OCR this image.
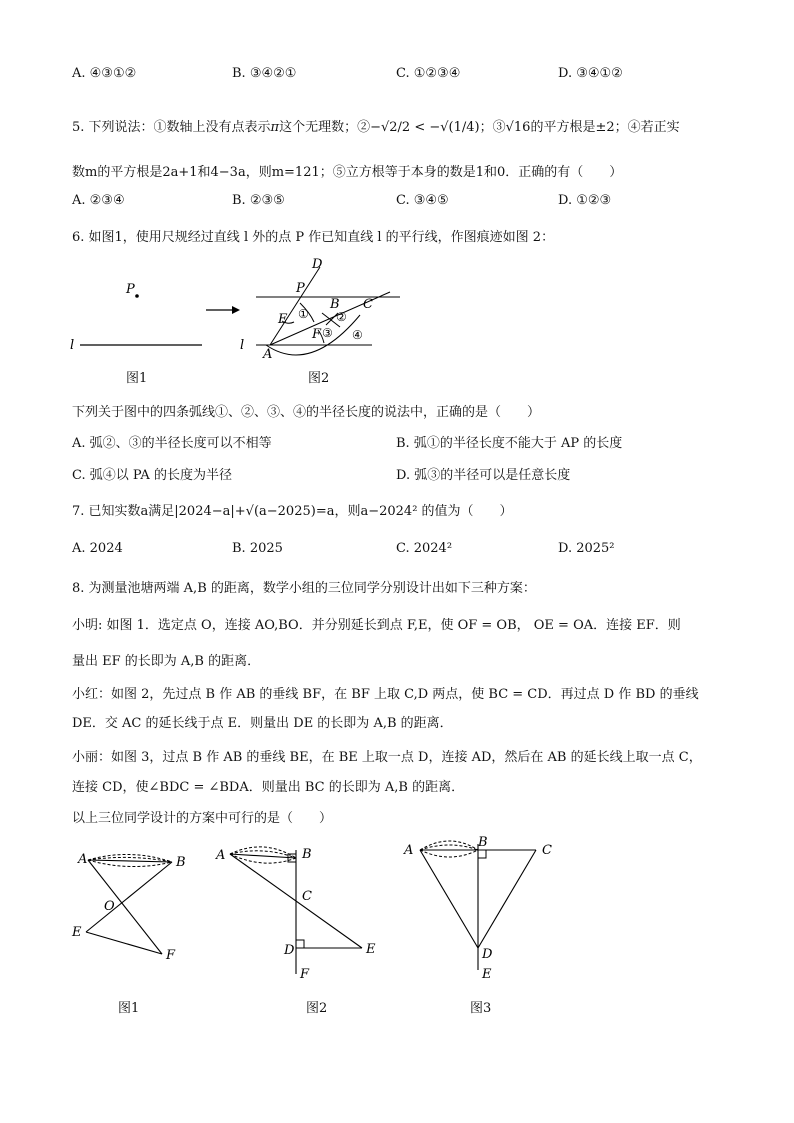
A. ④③①②	B. ③④②①	C. ①②③④	D. ③④①②
5. 下列说法：①数轴上没有点表示π这个无理数；②−√2/2 < −√(1/4)；③√16的平方根是±2；④若正实
数m的平方根是2a+1和4−3a，则m=121；⑤立方根等于本身的数是1和0．正确的有（　　）
A. ②③④	B. ②③⑤	C. ③④⑤	D. ①②③
6. 如图1，使用尺规经过直线 l 外的点 P 作已知直线 l 的平行线，作图痕迹如图 2：
P
l
D
P
E
B C
F
A
l
① ②
③ ④
图1	图2
下列关于图中的四条弧线①、②、③、④的半径长度的说法中，正确的是（　　）
A. 弧②、③的半径长度可以不相等	B. 弧①的半径长度不能大于 AP 的长度
C. 弧④以 PA 的长度为半径	D. 弧③的半径可以是任意长度
7. 已知实数a满足|2024−a|+√(a−2025)=a，则a−2024² 的值为（　　）
A. 2024	B. 2025	C. 2024²	D. 2025²
8. 为测量池塘两端 A,B 的距离，数学小组的三位同学分别设计出如下三种方案：
小明: 如图 1．选定点 O，连接 AO,BO．并分别延长到点 F,E，使 OF = OB， OE = OA．连接 EF．则
量出 EF 的长即为 A,B 的距离．
小红：如图 2，先过点 B 作 AB 的垂线 BF，在 BF 上取 C,D 两点，使 BC = CD．再过点 D 作 BD 的垂线
DE．交 AC 的延长线于点 E．则量出 DE 的长即为 A,B 的距离．
小丽：如图 3，过点 B 作 AB 的垂线 BE，在 BE 上取一点 D，连接 AD，然后在 AB 的延长线上取一点 C，
连接 CD，使∠BDC = ∠BDA．则量出 BC 的长即为 A,B 的距离．
以上三位同学设计的方案中可行的是（　　）
A	B
O
E
F
A	B
C
D	E
F
A
B
C
D
E
图1	图2	图3
